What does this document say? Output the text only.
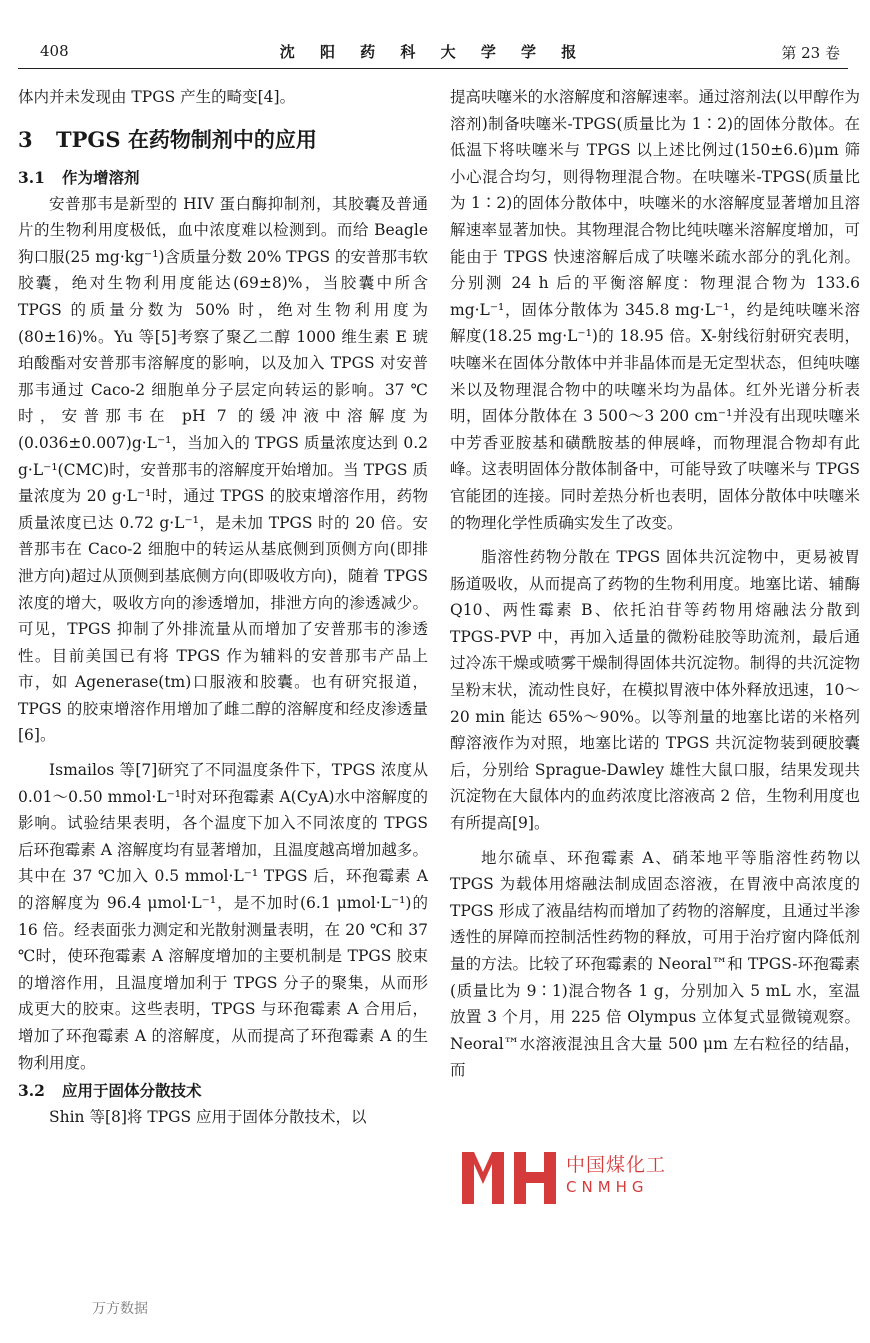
408	沈 阳 药 科 大 学 学 报	第 23 卷

体内并未发现由 TPGS 产生的畸变[4]。

3 TPGS 在药物制剂中的应用
3.1 作为增溶剂

安普那韦是新型的 HIV 蛋白酶抑制剂，其胶囊及普通片的生物利用度极低，血中浓度难以检测到。而给 Beagle 狗口服(25 mg·kg⁻¹)含质量分数 20% TPGS 的安普那韦软胶囊，绝对生物利用度能达(69±8)%，当胶囊中所含 TPGS 的质量分数为 50% 时，绝对生物利用度为(80±16)%。Yu 等[5]考察了聚乙二醇 1000 维生素 E 琥珀酸酯对安普那韦溶解度的影响，以及加入 TPGS 对安普那韦通过 Caco-2 细胞单分子层定向转运的影响。37 ℃时，安普那韦在 pH 7 的缓冲液中溶解度为(0.036±0.007)g·L⁻¹，当加入的 TPGS 质量浓度达到 0.2 g·L⁻¹(CMC)时，安普那韦的溶解度开始增加。当 TPGS 质量浓度为 20 g·L⁻¹时，通过 TPGS 的胶束增溶作用，药物质量浓度已达 0.72 g·L⁻¹，是未加 TPGS 时的 20 倍。安普那韦在 Caco-2 细胞中的转运从基底侧到顶侧方向(即排泄方向)超过从顶侧到基底侧方向(即吸收方向)，随着 TPGS 浓度的增大，吸收方向的渗透增加，排泄方向的渗透减少。可见，TPGS 抑制了外排流量从而增加了安普那韦的渗透性。目前美国已有将 TPGS 作为辅料的安普那韦产品上市，如 Agenerase(tm)口服液和胶囊。也有研究报道，TPGS 的胶束增溶作用增加了雌二醇的溶解度和经皮渗透量[6]。

Ismailos 等[7]研究了不同温度条件下，TPGS 浓度从 0.01～0.50 mmol·L⁻¹时对环孢霉素 A(CyA)水中溶解度的影响。试验结果表明，各个温度下加入不同浓度的 TPGS 后环孢霉素 A 溶解度均有显著增加，且温度越高增加越多。其中在 37 ℃加入 0.5 mmol·L⁻¹ TPGS 后，环孢霉素 A 的溶解度为 96.4 μmol·L⁻¹，是不加时(6.1 μmol·L⁻¹)的 16 倍。经表面张力测定和光散射测量表明，在 20 ℃和 37 ℃时，使环孢霉素 A 溶解度增加的主要机制是 TPGS 胶束的增溶作用，且温度增加利于 TPGS 分子的聚集，从而形成更大的胶束。这些表明，TPGS 与环孢霉素 A 合用后，增加了环孢霉素 A 的溶解度，从而提高了环孢霉素 A 的生物利用度。

3.2 应用于固体分散技术

Shin 等[8]将 TPGS 应用于固体分散技术，以

提高呋噻米的水溶解度和溶解速率。通过溶剂法(以甲醇作为溶剂)制备呋噻米-TPGS(质量比为 1∶2)的固体分散体。在低温下将呋噻米与 TPGS 以上述比例过(150±6.6)μm 筛小心混合均匀，则得物理混合物。在呋噻米-TPGS(质量比为 1∶2)的固体分散体中，呋噻米的水溶解度显著增加且溶解速率显著加快。其物理混合物比纯呋噻米溶解度增加，可能由于 TPGS 快速溶解后成了呋噻米疏水部分的乳化剂。分别测 24 h 后的平衡溶解度：物理混合物为 133.6 mg·L⁻¹，固体分散体为 345.8 mg·L⁻¹，约是纯呋噻米溶解度(18.25 mg·L⁻¹)的 18.95 倍。X-射线衍射研究表明，呋噻米在固体分散体中并非晶体而是无定型状态，但纯呋噻米以及物理混合物中的呋噻米均为晶体。红外光谱分析表明，固体分散体在 3 500～3 200 cm⁻¹并没有出现呋噻米中芳香亚胺基和磺酰胺基的伸展峰，而物理混合物却有此峰。这表明固体分散体制备中，可能导致了呋噻米与 TPGS 官能团的连接。同时差热分析也表明，固体分散体中呋噻米的物理化学性质确实发生了改变。

脂溶性药物分散在 TPGS 固体共沉淀物中，更易被胃肠道吸收，从而提高了药物的生物利用度。地塞比诺、辅酶 Q10、两性霉素 B、依托泊苷等药物用熔融法分散到 TPGS-PVP 中，再加入适量的微粉硅胶等助流剂，最后通过冷冻干燥或喷雾干燥制得固体共沉淀物。制得的共沉淀物呈粉末状，流动性良好，在模拟胃液中体外释放迅速，10～20 min 能达 65%～90%。以等剂量的地塞比诺的米格列醇溶液作为对照，地塞比诺的 TPGS 共沉淀物装到硬胶囊后，分别给 Sprague-Dawley 雄性大鼠口服，结果发现共沉淀物在大鼠体内的血药浓度比溶液高 2 倍，生物利用度也有所提高[9]。

地尔硫卓、环孢霉素 A、硝苯地平等脂溶性药物以 TPGS 为载体用熔融法制成固态溶液，在胃液中高浓度的 TPGS 形成了液晶结构而增加了药物的溶解度，且通过半渗透性的屏障而控制活性药物的释放，可用于治疗窗内降低剂量的方法。比较了环孢霉素的 Neoral™和 TPGS-环孢霉素(质量比为 9∶1)混合物各 1 g，分别加入 5 mL 水，室温放置 3 个月，用 225 倍 Olympus 立体复式显微镜观察。Neoral™水溶液混浊且含大量 500 μm 左右粒径的结晶，而

中国煤化工
CNMHG
万方数据
